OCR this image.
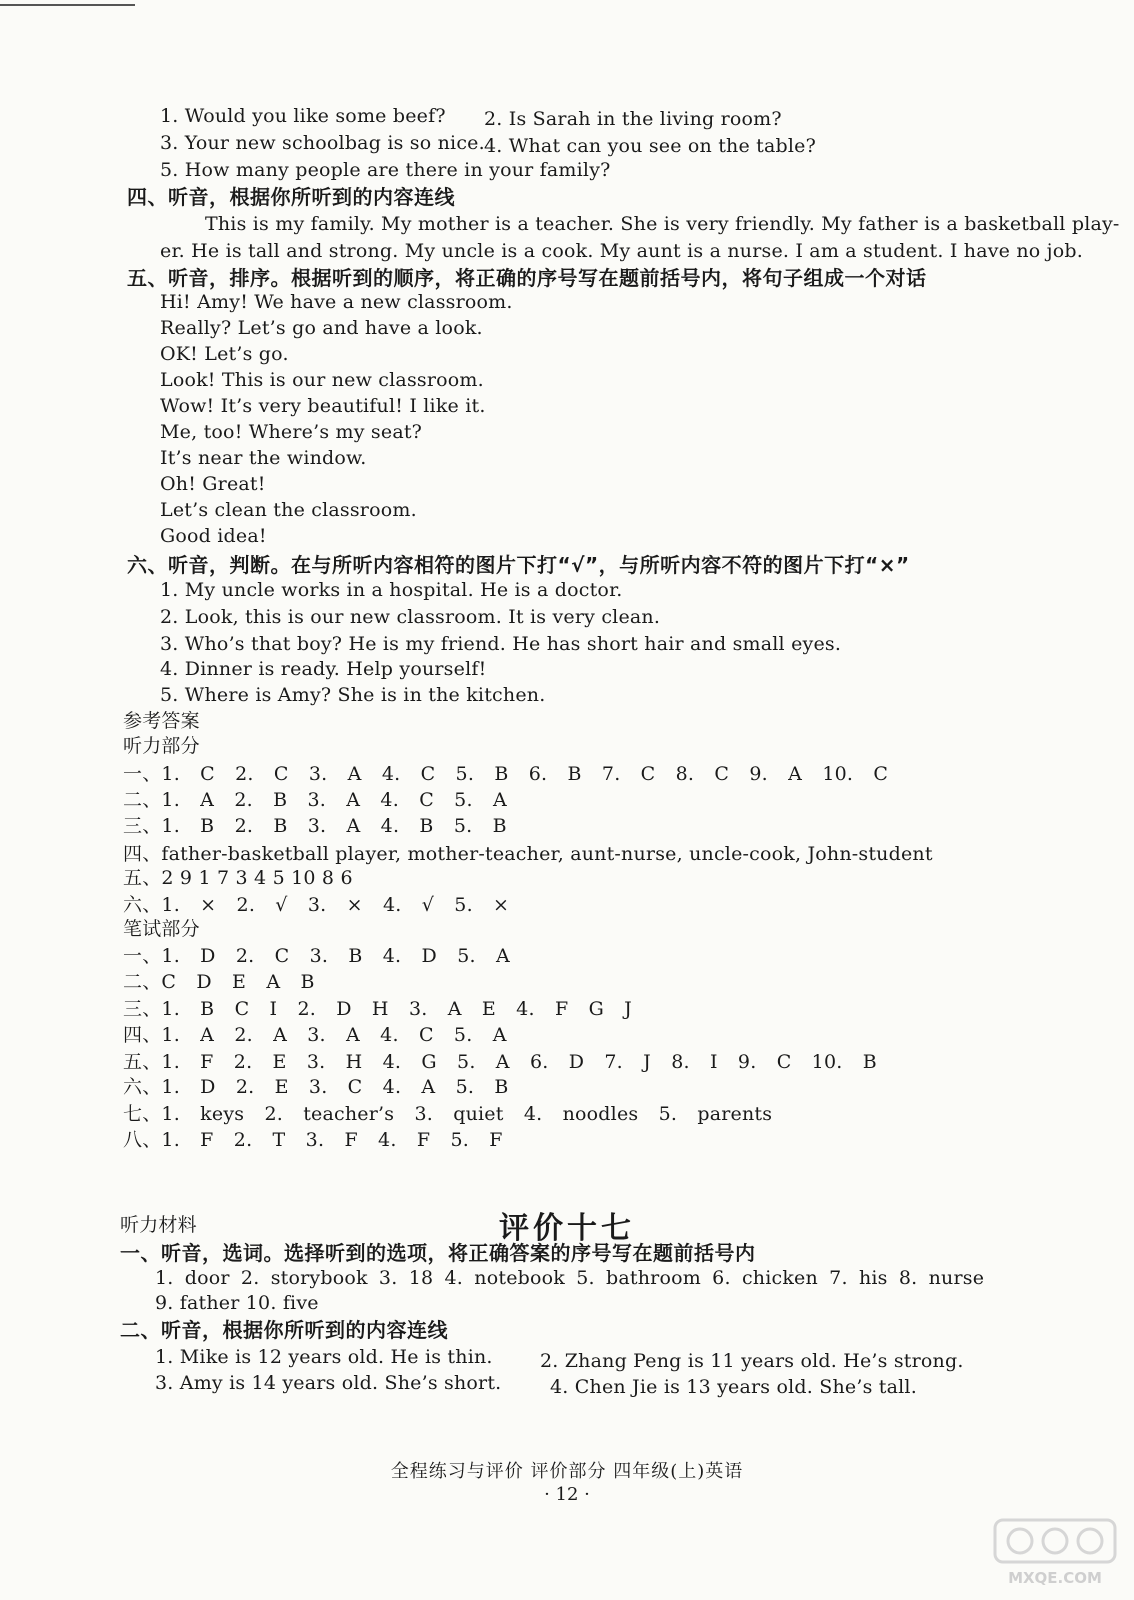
1. Would you like some beef? 2. Is Sarah in the living room?
3. Your new schoolbag is so nice. 4. What can you see on the table?
5. How many people are there in your family?
四、听音，根据你所听到的内容连线
This is my family. My mother is a teacher. She is very friendly. My father is a basketball play-
er. He is tall and strong. My uncle is a cook. My aunt is a nurse. I am a student. I have no job.
五、听音，排序。根据听到的顺序，将正确的序号写在题前括号内，将句子组成一个对话
Hi! Amy! We have a new classroom.
Really? Let’s go and have a look.
OK! Let’s go.
Look! This is our new classroom.
Wow! It’s very beautiful! I like it.
Me, too! Where’s my seat?
It’s near the window.
Oh! Great!
Let’s clean the classroom.
Good idea!
六、听音，判断。在与所听内容相符的图片下打“√”，与所听内容不符的图片下打“×”
1. My uncle works in a hospital. He is a doctor.
2. Look, this is our new classroom. It is very clean.
3. Who’s that boy? He is my friend. He has short hair and small eyes.
4. Dinner is ready. Help yourself!
5. Where is Amy? She is in the kitchen.
参考答案
听力部分
一、1. C 2. C 3. A 4. C 5. B 6. B 7. C 8. C 9. A 10. C
二、1. A 2. B 3. A 4. C 5. A
三、1. B 2. B 3. A 4. B 5. B
四、father-basketball player, mother-teacher, aunt-nurse, uncle-cook, John-student
五、2 9 1 7 3 4 5 10 8 6
六、1. × 2. √ 3. × 4. √ 5. ×
笔试部分
一、1. D 2. C 3. B 4. D 5. A
二、C D E A B
三、1. B C I 2. D H 3. A E 4. F G J
四、1. A 2. A 3. A 4. C 5. A
五、1. F 2. E 3. H 4. G 5. A 6. D 7. J 8. I 9. C 10. B
六、1. D 2. E 3. C 4. A 5. B
七、1. keys 2. teacher’s 3. quiet 4. noodles 5. parents
八、1. F 2. T 3. F 4. F 5. F
评价十七
听力材料
一、听音，选词。选择听到的选项，将正确答案的序号写在题前括号内
1. door 2. storybook 3. 18 4. notebook 5. bathroom 6. chicken 7. his 8. nurse
9. father 10. five
二、听音，根据你所听到的内容连线
1. Mike is 12 years old. He is thin. 2. Zhang Peng is 11 years old. He’s strong.
3. Amy is 14 years old. She’s short.	4. Chen Jie is 13 years old. She’s tall.
全程练习与评价 评价部分 四年级(上)英语
· 12 ·
MXQE.COM
